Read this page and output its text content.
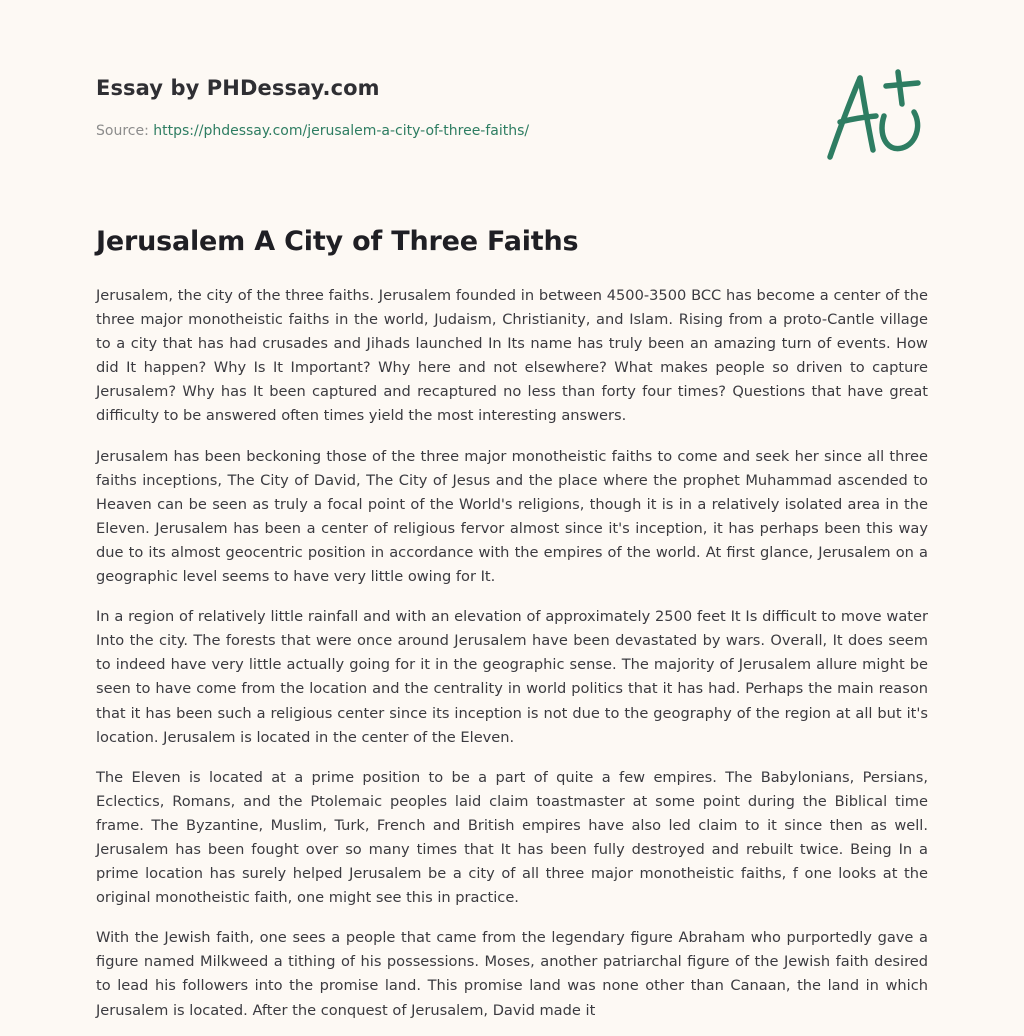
Essay by PHDessay.com
Source: https://phdessay.com/jerusalem-a-city-of-three-faiths/
Jerusalem A City of Three Faiths

Jerusalem, the city of the three faiths. Jerusalem founded in between 4500-3500 BCC has become a center of the three major monotheistic faiths in the world, Judaism, Christianity, and Islam. Rising from a proto-Cantle village to a city that has had crusades and Jihads launched In Its name has truly been an amazing turn of events. How did It happen? Why Is It Important? Why here and not elsewhere? What makes people so driven to capture Jerusalem? Why has It been captured and recaptured no less than forty four times? Questions that have great difficulty to be answered often times yield the most interesting answers.

Jerusalem has been beckoning those of the three major monotheistic faiths to come and seek her since all three faiths inceptions, The City of David, The City of Jesus and the place where the prophet Muhammad ascended to Heaven can be seen as truly a focal point of the World's religions, though it is in a relatively isolated area in the Eleven. Jerusalem has been a center of religious fervor almost since it's inception, it has perhaps been this way due to its almost geocentric position in accordance with the empires of the world. At first glance, Jerusalem on a geographic level seems to have very little owing for It.

In a region of relatively little rainfall and with an elevation of approximately 2500 feet It Is difficult to move water Into the city. The forests that were once around Jerusalem have been devastated by wars. Overall, It does seem to indeed have very little actually going for it in the geographic sense. The majority of Jerusalem allure might be seen to have come from the location and the centrality in world politics that it has had. Perhaps the main reason that it has been such a religious center since its inception is not due to the geography of the region at all but it's location. Jerusalem is located in the center of the Eleven.

The Eleven is located at a prime position to be a part of quite a few empires. The Babylonians, Persians, Eclectics, Romans, and the Ptolemaic peoples laid claim toastmaster at some point during the Biblical time frame. The Byzantine, Muslim, Turk, French and British empires have also led claim to it since then as well. Jerusalem has been fought over so many times that It has been fully destroyed and rebuilt twice. Being In a prime location has surely helped Jerusalem be a city of all three major monotheistic faiths, f one looks at the original monotheistic faith, one might see this in practice.

With the Jewish faith, one sees a people that came from the legendary figure Abraham who purportedly gave a figure named Milkweed a tithing of his possessions. Moses, another patriarchal figure of the Jewish faith desired to lead his followers into the promise land. This promise land was none other than Canaan, the land in which Jerusalem is located. After the conquest of Jerusalem, David made it
